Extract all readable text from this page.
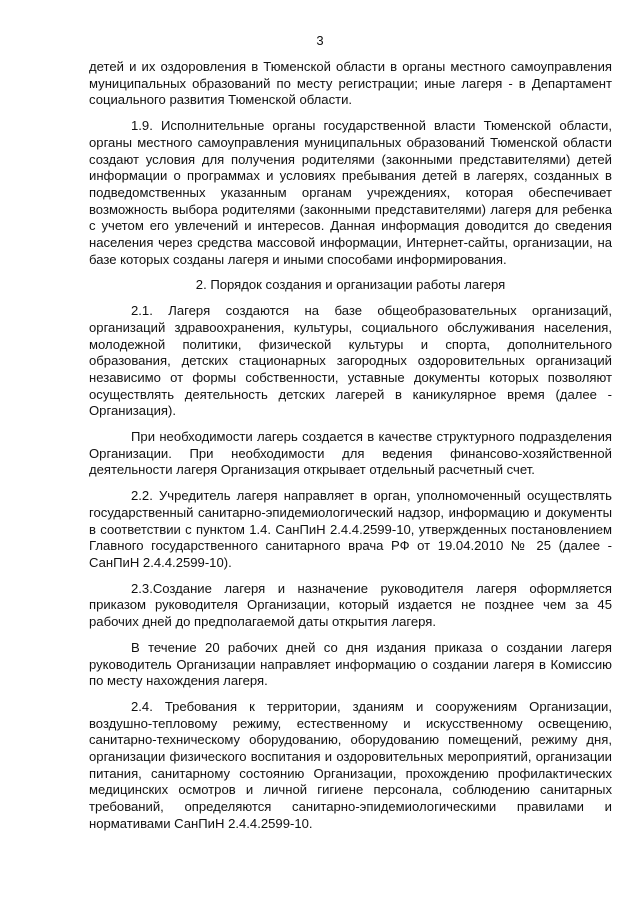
3

детей и их оздоровления в Тюменской области в органы местного самоуправления муниципальных образований по месту регистрации; иные лагеря - в Департамент социального развития Тюменской области.

1.9. Исполнительные органы государственной власти Тюменской области, органы местного самоуправления муниципальных образований Тюменской области создают условия для получения родителями (законными представителями) детей информации о программах и условиях пребывания детей в лагерях, созданных в подведомственных указанным органам учреждениях, которая обеспечивает возможность выбора родителями (законными представителями) лагеря для ребенка с учетом его увлечений и интересов. Данная информация доводится до сведения населения через средства массовой информации, Интернет-сайты, организации, на базе которых созданы лагеря и иными способами информирования.

2. Порядок создания и организации работы лагеря

2.1. Лагеря создаются на базе общеобразовательных организаций, организаций здравоохранения, культуры, социального обслуживания населения, молодежной политики, физической культуры и спорта, дополнительного образования, детских стационарных загородных оздоровительных организаций независимо от формы собственности, уставные документы которых позволяют осуществлять деятельность детских лагерей в каникулярное время (далее - Организация).

При необходимости лагерь создается в качестве структурного подразделения Организации. При необходимости для ведения финансово-хозяйственной деятельности лагеря Организация открывает отдельный расчетный счет.

2.2. Учредитель лагеря направляет в орган, уполномоченный осуществлять государственный санитарно-эпидемиологический надзор, информацию и документы в соответствии с пунктом 1.4. СанПиН 2.4.4.2599-10, утвержденных постановлением Главного государственного санитарного врача РФ от 19.04.2010 № 25 (далее - СанПиН 2.4.4.2599-10).

2.3.Создание лагеря и назначение руководителя лагеря оформляется приказом руководителя Организации, который издается не позднее чем за 45 рабочих дней до предполагаемой даты открытия лагеря.

В течение 20 рабочих дней со дня издания приказа о создании лагеря руководитель Организации направляет информацию о создании лагеря в Комиссию по месту нахождения лагеря.

2.4. Требования к территории, зданиям и сооружениям Организации, воздушно-тепловому режиму, естественному и искусственному освещению, санитарно-техническому оборудованию, оборудованию помещений, режиму дня, организации физического воспитания и оздоровительных мероприятий, организации питания, санитарному состоянию Организации, прохождению профилактических медицинских осмотров и личной гигиене персонала, соблюдению санитарных требований, определяются санитарно-эпидемиологическими правилами и нормативами СанПиН 2.4.4.2599-10.
